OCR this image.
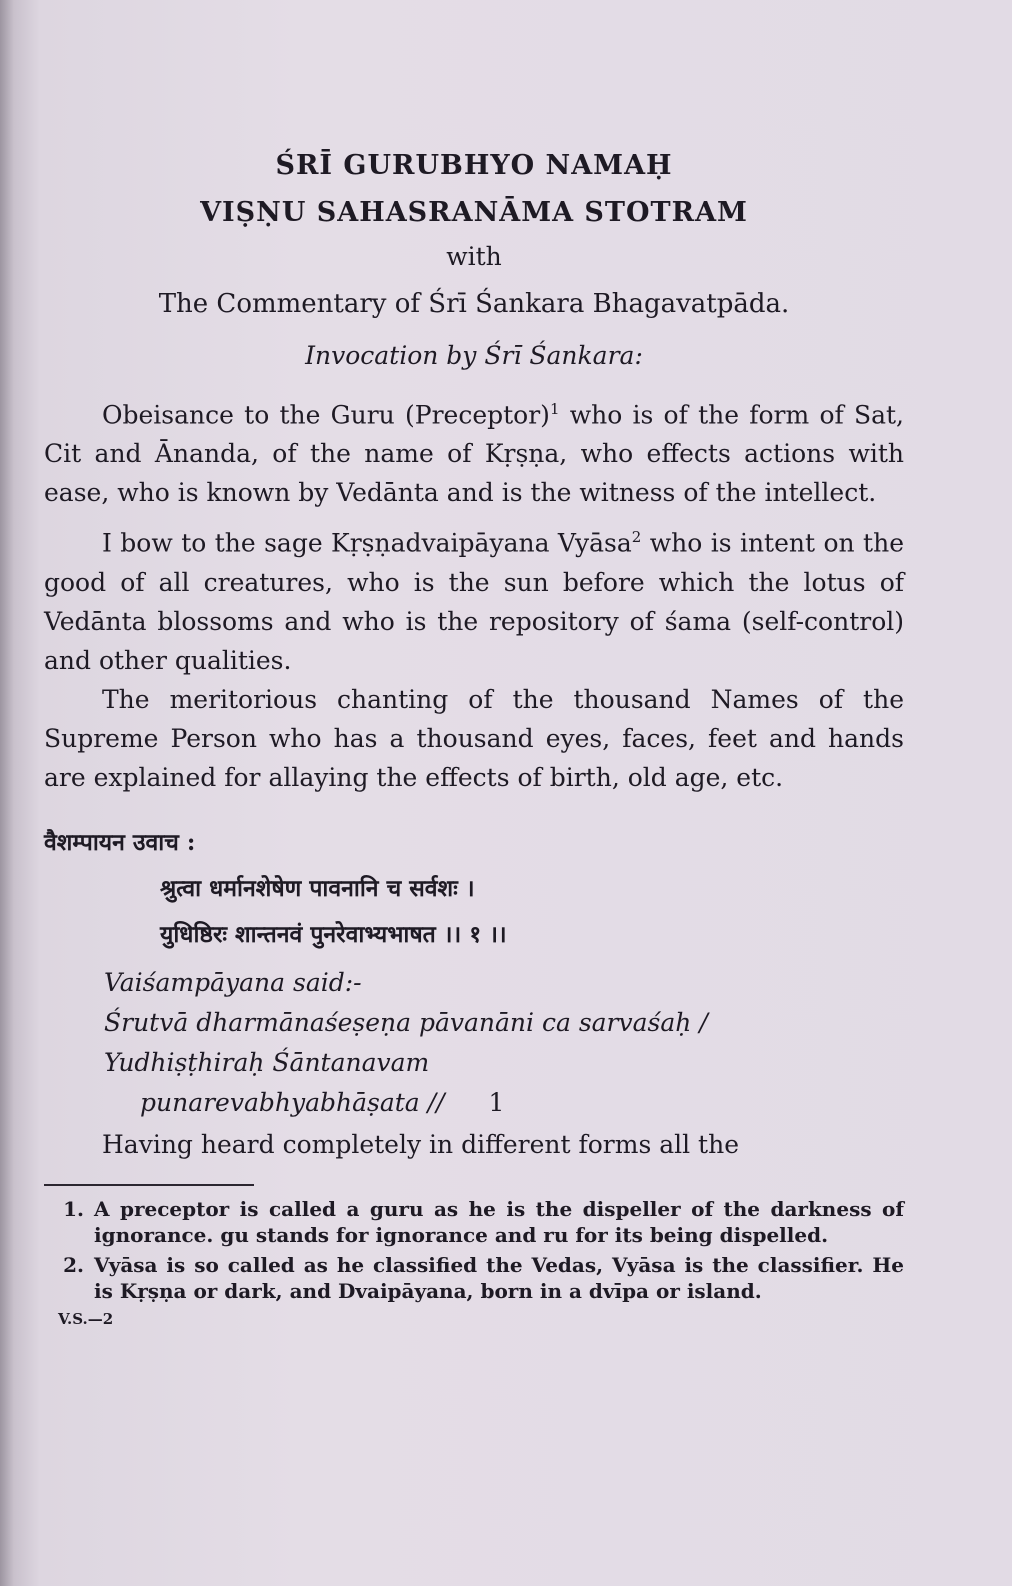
ŚRĪ GURUBHYO NAMAḤ
VIṢṆU SAHASRANĀMA STOTRAM
with
The Commentary of Śrī Śankara Bhagavatpāda.
Invocation by Śrī Śankara:

Obeisance to the Guru (Preceptor)$^1$ who is of the form of Sat, Cit and Ānanda, of the name of Kṛṣṇa, who effects actions with ease, who is known by Vedānta and is the witness of the intellect.

I bow to the sage Kṛṣṇadvaipāyana Vyāsa$^2$ who is intent on the good of all creatures, who is the sun before which the lotus of Vedānta blossoms and who is the repository of śama (self-control) and other qualities.

The meritorious chanting of the thousand Names of the Supreme Person who has a thousand eyes, faces, feet and hands are explained for allaying the effects of birth, old age, etc.

वैशम्पायन उवाच :
श्रुत्वा धर्मानशेषेण पावनानि च सर्वशः ।
युधिष्ठिरः शान्तनवं पुनरेवाभ्यभाषत ।। १ ।।
Vaiśampāyana said:-
Śrutvā dharmānaśeṣeṇa pāvanāni ca sarvaśaḥ /
Yudhiṣṭhiraḥ Śāntanavam
punarevabhyabhāṣata // 1

Having heard completely in different forms all the

1. A preceptor is called a guru as he is the dispeller of the darkness of ignorance. gu stands for ignorance and ru for its being dispelled.
2. Vyāsa is so called as he classified the Vedas, Vyāsa is the classifier. He is Kṛṣṇa or dark, and Dvaipāyana, born in a dvīpa or island.
V.S.—2
